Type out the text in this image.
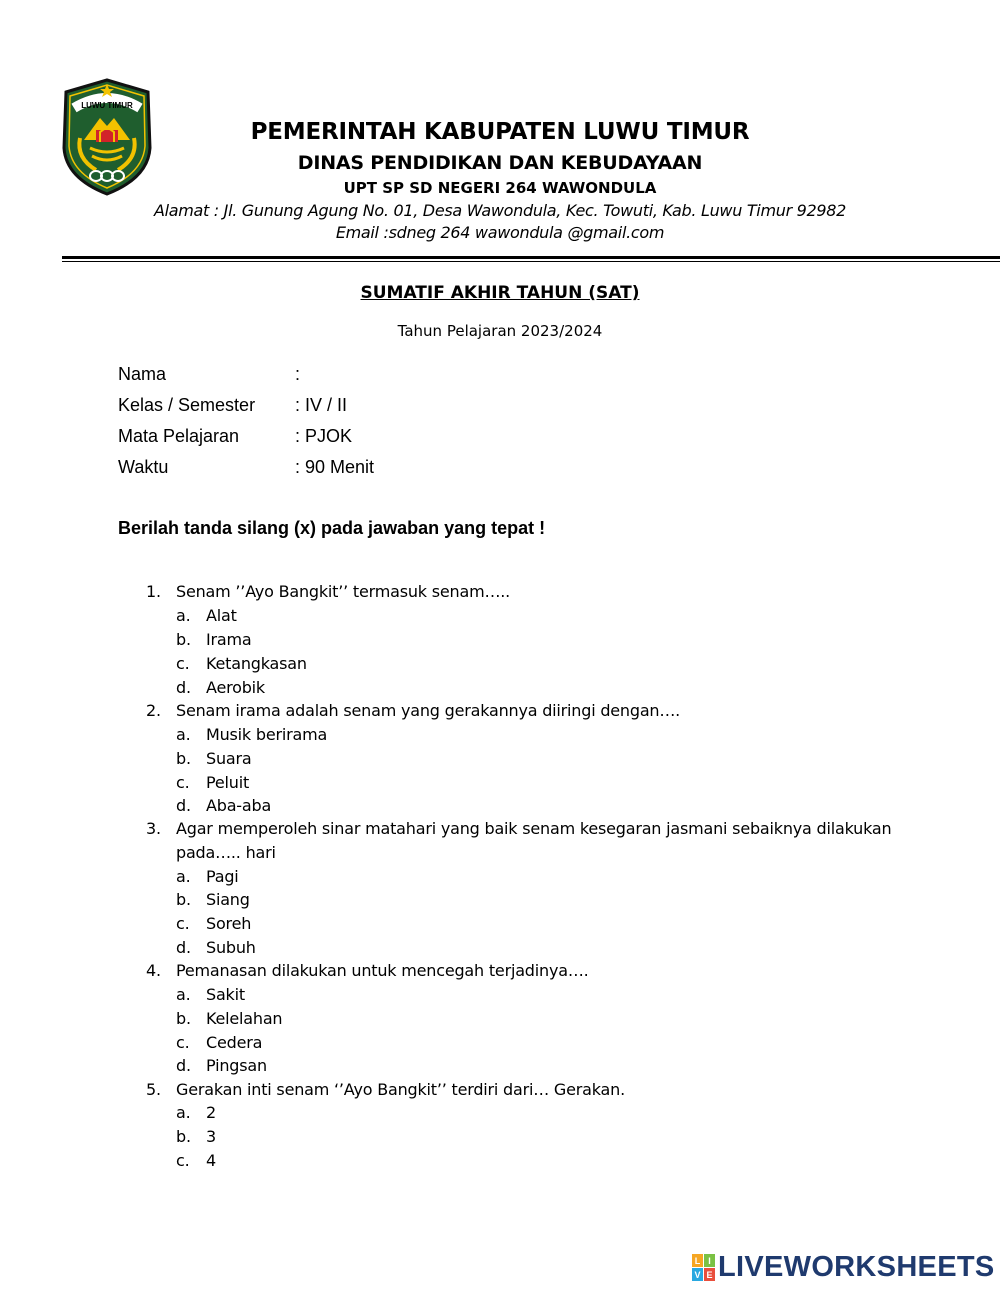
LUWU TIMUR
PEMERINTAH KABUPATEN LUWU TIMUR
DINAS PENDIDIKAN DAN KEBUDAYAAN
UPT SP SD NEGERI 264 WAWONDULA
Alamat : Jl. Gunung Agung No. 01, Desa Wawondula, Kec. Towuti, Kab. Luwu Timur 92982
Email :sdneg 264 wawondula @gmail.com
SUMATIF AKHIR TAHUN (SAT)
Tahun Pelajaran 2023/2024
Nama	:
Kelas / Semester : IV / II
Mata Pelajaran	: PJOK
Waktu	: 90 Menit
Berilah tanda silang (x) pada jawaban yang tepat !
1. Senam ’’Ayo Bangkit’’ termasuk senam…..
a. Alat
b. Irama
c. Ketangkasan
d. Aerobik
2. Senam irama adalah senam yang gerakannya diiringi dengan….
a. Musik berirama
b. Suara
c. Peluit
d. Aba-aba
3. Agar memperoleh sinar matahari yang baik senam kesegaran jasmani sebaiknya dilakukan
pada….. hari
a. Pagi
b. Siang
c. Soreh
d. Subuh
4. Pemanasan dilakukan untuk mencegah terjadinya….
a. Sakit
b. Kelelahan
c. Cedera
d. Pingsan
5. Gerakan inti senam ‘’Ayo Bangkit’’ terdiri dari… Gerakan.
a. 2
b. 3
c. 4
L I
V E LIVEWORKSHEETS
